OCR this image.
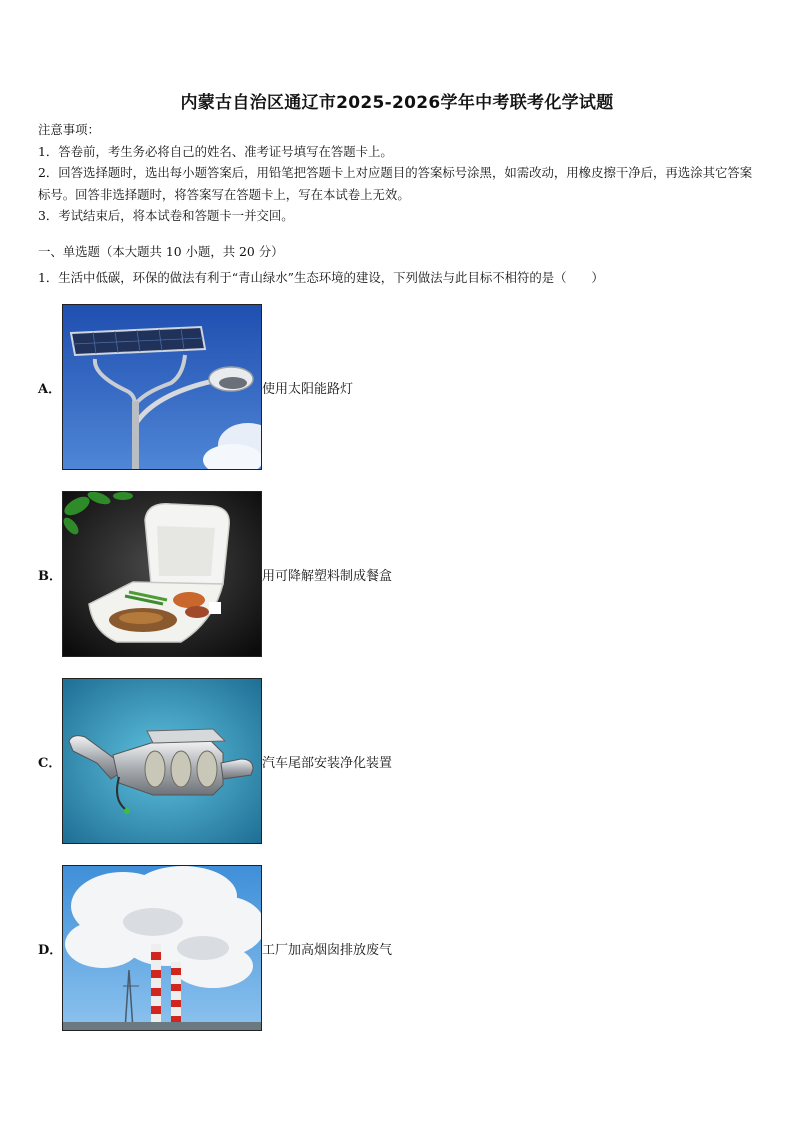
内蒙古自治区通辽市2025-2026学年中考联考化学试题

注意事项：

1．答卷前，考生务必将自己的姓名、准考证号填写在答题卡上。

2．回答选择题时，选出每小题答案后，用铅笔把答题卡上对应题目的答案标号涂黑，如需改动，用橡皮擦干净后，再选涂其它答案标号。回答非选择题时，将答案写在答题卡上，写在本试卷上无效。

3．考试结束后，将本试卷和答题卡一并交回。

一、单选题（本大题共 10 小题，共 20 分）
1．生活中低碳，环保的做法有利于“青山绿水”生态环境的建设，下列做法与此目标不相符的是（　　）
A．	使用太阳能路灯
B．	用可降解塑料制成餐盒
C．	汽车尾部安装净化装置
D．	工厂加高烟囱排放废气
